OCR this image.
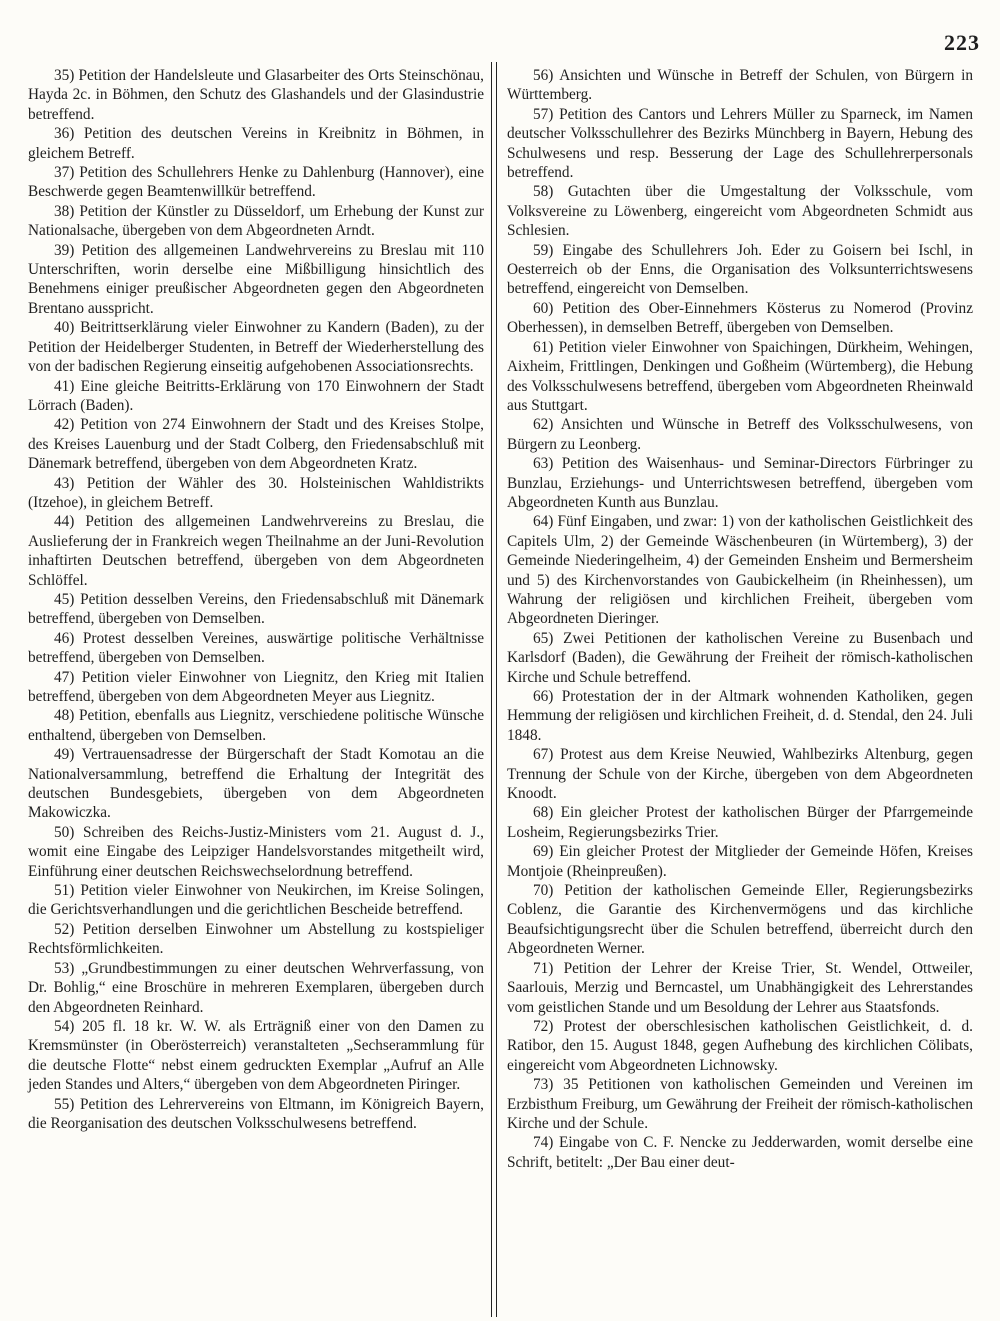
223

35) Petition der Handelsleute und Glasarbeiter des Orts Steinschönau, Hayda 2c. in Böhmen, den Schutz des Glashandels und der Glasindustrie betreffend.

36) Petition des deutschen Vereins in Kreibnitz in Böhmen, in gleichem Betreff.

37) Petition des Schullehrers Henke zu Dahlenburg (Hannover), eine Beschwerde gegen Beamtenwillkür betreffend.

38) Petition der Künstler zu Düsseldorf, um Erhebung der Kunst zur Nationalsache, übergeben von dem Abgeordneten Arndt.

39) Petition des allgemeinen Landwehrvereins zu Breslau mit 110 Unterschriften, worin derselbe eine Mißbilligung hinsichtlich des Benehmens einiger preußischer Abgeordneten gegen den Abgeordneten Brentano ausspricht.

40) Beitrittserklärung vieler Einwohner zu Kandern (Baden), zu der Petition der Heidelberger Studenten, in Betreff der Wiederherstellung des von der badischen Regierung einseitig aufgehobenen Associationsrechts.

41) Eine gleiche Beitritts-Erklärung von 170 Einwohnern der Stadt Lörrach (Baden).

42) Petition von 274 Einwohnern der Stadt und des Kreises Stolpe, des Kreises Lauenburg und der Stadt Colberg, den Friedensabschluß mit Dänemark betreffend, übergeben von dem Abgeordneten Kratz.

43) Petition der Wähler des 30. Holsteinischen Wahldistrikts (Itzehoe), in gleichem Betreff.

44) Petition des allgemeinen Landwehrvereins zu Breslau, die Auslieferung der in Frankreich wegen Theilnahme an der Juni-Revolution inhaftirten Deutschen betreffend, übergeben von dem Abgeordneten Schlöffel.

45) Petition desselben Vereins, den Friedensabschluß mit Dänemark betreffend, übergeben von Demselben.

46) Protest desselben Vereines, auswärtige politische Verhältnisse betreffend, übergeben von Demselben.

47) Petition vieler Einwohner von Liegnitz, den Krieg mit Italien betreffend, übergeben von dem Abgeordneten Meyer aus Liegnitz.

48) Petition, ebenfalls aus Liegnitz, verschiedene politische Wünsche enthaltend, übergeben von Demselben.

49) Vertrauensadresse der Bürgerschaft der Stadt Komotau an die Nationalversammlung, betreffend die Erhaltung der Integrität des deutschen Bundesgebiets, übergeben von dem Abgeordneten Makowiczka.

50) Schreiben des Reichs-Justiz-Ministers vom 21. August d. J., womit eine Eingabe des Leipziger Handelsvorstandes mitgetheilt wird, Einführung einer deutschen Reichswechselordnung betreffend.

51) Petition vieler Einwohner von Neukirchen, im Kreise Solingen, die Gerichtsverhandlungen und die gerichtlichen Bescheide betreffend.

52) Petition derselben Einwohner um Abstellung zu kostspieliger Rechtsförmlichkeiten.

53) „Grundbestimmungen zu einer deutschen Wehrverfassung, von Dr. Bohlig,“ eine Broschüre in mehreren Exemplaren, übergeben durch den Abgeordneten Reinhard.

54) 205 fl. 18 kr. W. W. als Erträgniß einer von den Damen zu Kremsmünster (in Oberösterreich) veranstalteten „Sechserammlung für die deutsche Flotte“ nebst einem gedruckten Exemplar „Aufruf an Alle jeden Standes und Alters,“ übergeben von dem Abgeordneten Piringer.

55) Petition des Lehrervereins von Eltmann, im Königreich Bayern, die Reorganisation des deutschen Volksschulwesens betreffend.

56) Ansichten und Wünsche in Betreff der Schulen, von Bürgern in Württemberg.

57) Petition des Cantors und Lehrers Müller zu Sparneck, im Namen deutscher Volksschullehrer des Bezirks Münchberg in Bayern, Hebung des Schulwesens und resp. Besserung der Lage des Schullehrerpersonals betreffend.

58) Gutachten über die Umgestaltung der Volksschule, vom Volksvereine zu Löwenberg, eingereicht vom Abgeordneten Schmidt aus Schlesien.

59) Eingabe des Schullehrers Joh. Eder zu Goisern bei Ischl, in Oesterreich ob der Enns, die Organisation des Volksunterrichtswesens betreffend, eingereicht von Demselben.

60) Petition des Ober-Einnehmers Kösterus zu Nomerod (Provinz Oberhessen), in demselben Betreff, übergeben von Demselben.

61) Petition vieler Einwohner von Spaichingen, Dürkheim, Wehingen, Aixheim, Frittlingen, Denkingen und Goßheim (Würtemberg), die Hebung des Volksschulwesens betreffend, übergeben vom Abgeordneten Rheinwald aus Stuttgart.

62) Ansichten und Wünsche in Betreff des Volksschulwesens, von Bürgern zu Leonberg.

63) Petition des Waisenhaus- und Seminar-Directors Fürbringer zu Bunzlau, Erziehungs- und Unterrichtswesen betreffend, übergeben vom Abgeordneten Kunth aus Bunzlau.

64) Fünf Eingaben, und zwar: 1) von der katholischen Geistlichkeit des Capitels Ulm, 2) der Gemeinde Wäschenbeuren (in Würtemberg), 3) der Gemeinde Niederingelheim, 4) der Gemeinden Ensheim und Bermersheim und 5) des Kirchenvorstandes von Gaubickelheim (in Rheinhessen), um Wahrung der religiösen und kirchlichen Freiheit, übergeben vom Abgeordneten Dieringer.

65) Zwei Petitionen der katholischen Vereine zu Busenbach und Karlsdorf (Baden), die Gewährung der Freiheit der römisch-katholischen Kirche und Schule betreffend.

66) Protestation der in der Altmark wohnenden Katholiken, gegen Hemmung der religiösen und kirchlichen Freiheit, d. d. Stendal, den 24. Juli 1848.

67) Protest aus dem Kreise Neuwied, Wahlbezirks Altenburg, gegen Trennung der Schule von der Kirche, übergeben von dem Abgeordneten Knoodt.

68) Ein gleicher Protest der katholischen Bürger der Pfarrgemeinde Losheim, Regierungsbezirks Trier.

69) Ein gleicher Protest der Mitglieder der Gemeinde Höfen, Kreises Montjoie (Rheinpreußen).

70) Petition der katholischen Gemeinde Eller, Regierungsbezirks Coblenz, die Garantie des Kirchenvermögens und das kirchliche Beaufsichtigungsrecht über die Schulen betreffend, überreicht durch den Abgeordneten Werner.

71) Petition der Lehrer der Kreise Trier, St. Wendel, Ottweiler, Saarlouis, Merzig und Berncastel, um Unabhängigkeit des Lehrerstandes vom geistlichen Stande und um Besoldung der Lehrer aus Staatsfonds.

72) Protest der oberschlesischen katholischen Geistlichkeit, d. d. Ratibor, den 15. August 1848, gegen Aufhebung des kirchlichen Cölibats, eingereicht vom Abgeordneten Lichnowsky.

73) 35 Petitionen von katholischen Gemeinden und Vereinen im Erzbisthum Freiburg, um Gewährung der Freiheit der römisch-katholischen Kirche und der Schule.

74) Eingabe von C. F. Nencke zu Jedderwarden, womit derselbe eine Schrift, betitelt: „Der Bau einer deut-
